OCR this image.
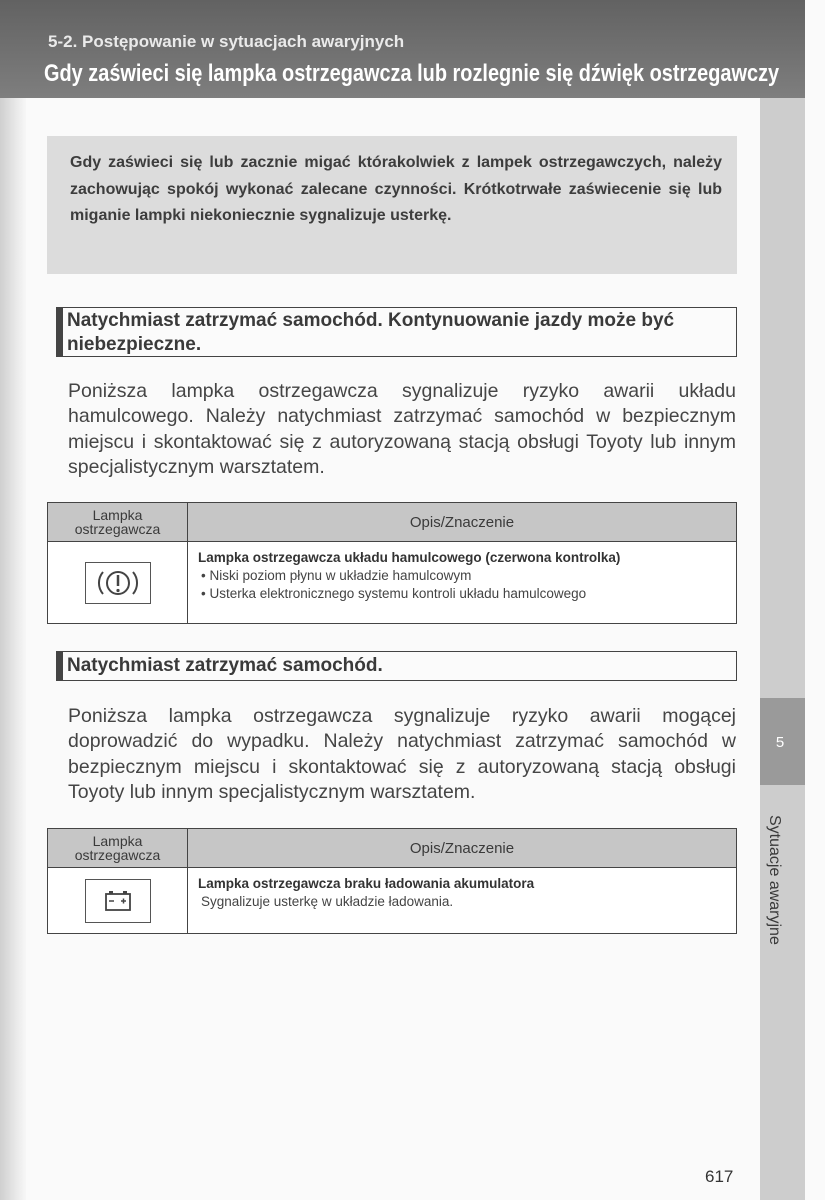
5-2. Postępowanie w sytuacjach awaryjnych
Gdy zaświeci się lampka ostrzegawcza lub rozlegnie się dźwięk ostrzegawczy
5
Sytuacje awaryjne
Gdy zaświeci się lub zacznie migać którakolwiek z lampek ostrzegawczych, należy zachowując spokój wykonać zalecane czynności. Krótkotrwałe zaświecenie się lub miganie lampki niekoniecznie sygnalizuje usterkę.
Natychmiast zatrzymać samochód. Kontynuowanie jazdy może być niebezpieczne.
Poniższa lampka ostrzegawcza sygnalizuje ryzyko awarii układu hamulcowego. Należy natychmiast zatrzymać samochód w bezpiecznym miejscu i skontaktować się z autoryzowaną stacją obsługi Toyoty lub innym specjalistycznym warsztatem.
Lampka ostrzegawcza	Opis/Znaczenie

Lampka ostrzegawcza układu hamulcowego (czerwona kontrolka)
• Niski poziom płynu w układzie hamulcowym
• Usterka elektronicznego systemu kontroli układu hamulcowego
Natychmiast zatrzymać samochód.
Poniższa lampka ostrzegawcza sygnalizuje ryzyko awarii mogącej doprowadzić do wypadku. Należy natychmiast zatrzymać samochód w bezpiecznym miejscu i skontaktować się z autoryzowaną stacją obsługi Toyoty lub innym specjalistycznym warsztatem.
Lampka ostrzegawcza	Opis/Znaczenie

Lampka ostrzegawcza braku ładowania akumulatora
Sygnalizuje usterkę w układzie ładowania.
617
